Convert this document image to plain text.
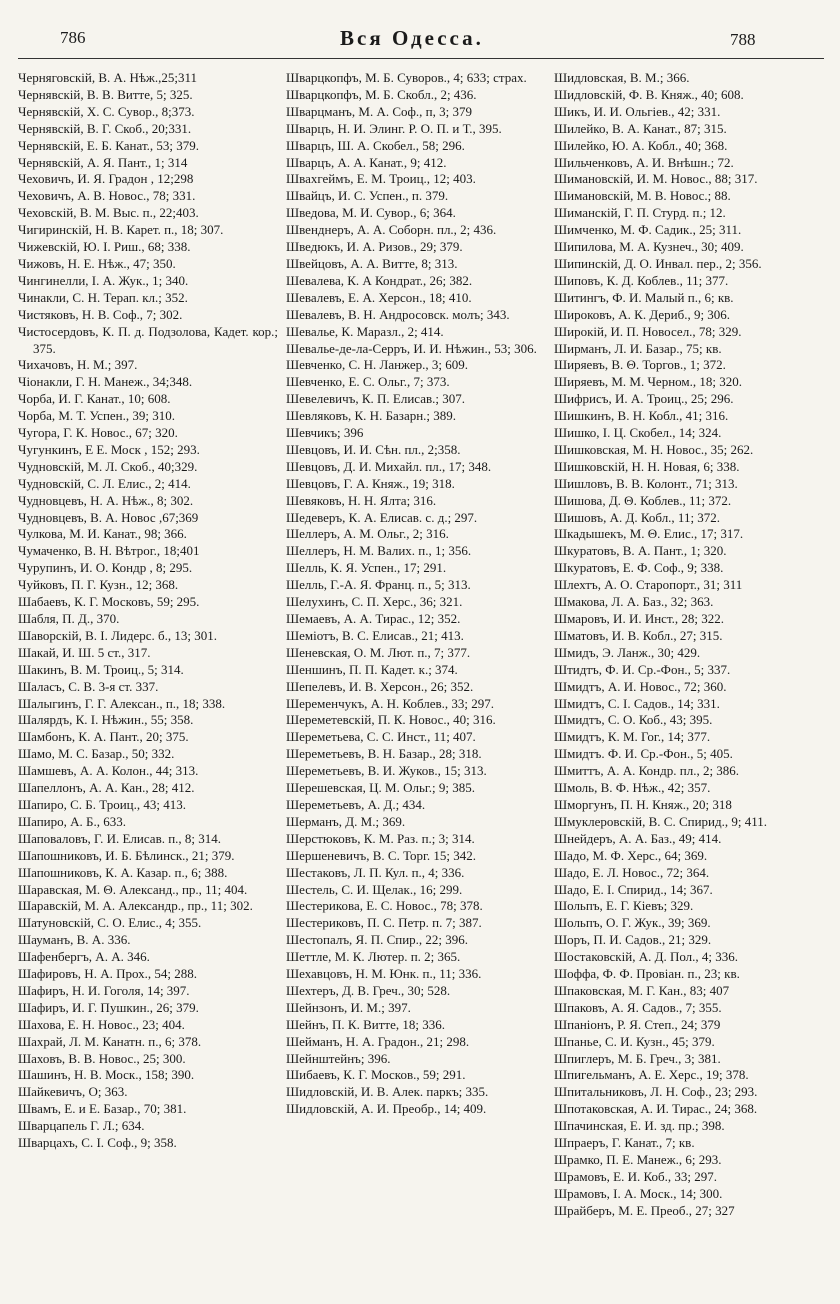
786	Вся Одесса.	788
Черняговскій, В. А. Нѣж.,25;311
Чернявскій, В. В. Витте, 5; 325.
Чернявскій, Х. С. Сувор., 8;373.
Чернявскій, В. Г. Скоб., 20;331.
Чернявскій, Е. Б. Канат., 53; 379.
Чернявскій, А. Я. Пант., 1; 314
Чеховичъ, И. Я. Градон , 12;298
Чеховичъ, А. В. Новос., 78; 331.
Чеховскій, В. М. Выс. п., 22;403.
Чигиринскій, Н. В. Карет. п., 18; 307.
Чижевскій, Ю. І. Риш., 68; 338.
Чижовъ, Н. Е. Нѣж., 47; 350.
Чингинелли, І. А. Жук., 1; 340.
Чинакли, С. Н. Терап. кл.; 352.
Чистяковъ, Н. В. Соф., 7; 302.
Чистосердовъ, К. П. д. Подзолова, Кадет. кор.; 375.
Чихачовъ, Н. М.; 397.
Чіонакли, Г. Н. Манеж., 34;348.
Чорба, И. Г. Канат., 10; 608.
Чорба, М. Т. Успен., 39; 310.
Чугора, Г. К. Новос., 67; 320.
Чугункинъ, Е Е. Моск , 152; 293.
Чудновскій, М. Л. Скоб., 40;329.
Чудновскій, С. Л. Елис., 2; 414.
Чудновцевъ, Н. А. Нѣж., 8; 302.
Чудновцевъ, В. А. Новос ,67;369
Чулкова, М. И. Канат., 98; 366.
Чумаченко, В. Н. Вѣтрог., 18;401
Чурупинъ, И. О. Кондр , 8; 295.
Чуйковъ, П. Г. Кузн., 12; 368.
Шабаевъ, К. Г. Московъ, 59; 295.
Шабля, П. Д., 370.
Шаворскій, В. І. Лидерс. б., 13; 301.
Шакай, И. Ш. 5 ст., 317.
Шакинъ, В. М. Троиц., 5; 314.
Шаласъ, С. В. 3-я ст. 337.
Шалыгинъ, Г. Г. Алексан., п., 18; 338.
Шалярдъ, К. І. Нѣжин., 55; 358.
Шамбонъ, К. А. Пант., 20; 375.
Шамо, М. С. Базар., 50; 332.
Шамшевъ, А. А. Колон., 44; 313.
Шапеллонъ, А. А. Кан., 28; 412.
Шапиро, С. Б. Троиц., 43; 413.
Шапиро, А. Б., 633.
Шаповаловъ, Г. И. Елисав. п., 8; 314.
Шапошниковъ, И. Б. Бѣлинск., 21; 379.
Шапошниковъ, К. А. Казар. п., 6; 388.
Шаравская, М. Θ. Александ., пр., 11; 404.
Шаравскій, М. А. Александр., пр., 11; 302.
Шатуновскій, С. О. Елис., 4; 355.
Шауманъ, В. А. 336.
Шафенбергъ, А. А. 346.
Шафировъ, Н. А. Прох., 54; 288.
Шафиръ, Н. И. Гоголя, 14; 397.
Шафиръ, И. Г. Пушкин., 26; 379.
Шахова, Е. Н. Новос., 23; 404.
Шахрай, Л. М. Канатн. п., 6; 378.
Шаховъ, В. В. Новос., 25; 300.
Шашинъ, Н. В. Моск., 158; 390.
Шайкевичъ, О; 363.
Швамъ, Е. и Е. Базар., 70; 381.
Шварцапель Г. Л.; 634.
Шварцахъ, С. І. Соф., 9; 358.
Шварцкопфъ, М. Б. Суворов., 4; 633; страх.
Шварцкопфъ, М. Б. Скобл., 2; 436.
Шварцманъ, М. А. Соф., п, 3; 379
Шварцъ, Н. И. Элинг. Р. О. П. и Т., 395.
Шварцъ, Ш. А. Скобел., 58; 296.
Шварцъ, А. А. Канат., 9; 412.
Швахгеймъ, Е. М. Троиц., 12; 403.
Швайцъ, И. С. Успен., п. 379.
Шведова, М. И. Сувор., 6; 364.
Швенднеръ, А. А. Соборн. пл., 2; 436.
Шведюкъ, И. А. Ризов., 29; 379.
Швейцовъ, А. А. Витте, 8; 313.
Шевалева, К. А Кондрат., 26; 382.
Шевалевъ, Е. А. Херсон., 18; 410.
Шевалевъ, В. Н. Андросовск. молъ; 343.
Шевалье, К. Маразл., 2; 414.
Шевалье-де-ла-Серръ, И. И. Нѣжин., 53; 306.
Шевченко, С. Н. Ланжер., 3; 609.
Шевченко, Е. С. Ольг., 7; 373.
Шевелевичъ, К. П. Елисав.; 307.
Шевляковъ, К. Н. Базарн.; 389.
Шевчикъ; 396
Шевцовъ, И. И. Сѣн. пл., 2;358.
Шевцовъ, Д. И. Михайл. пл., 17; 348.
Шевцовъ, Г. А. Княж., 19; 318.
Шевяковъ, Н. Н. Ялта; 316.
Шедеверъ, К. А. Елисав. с. д.; 297.
Шеллеръ, А. М. Ольг., 2; 316.
Шеллеръ, Н. М. Валих. п., 1; 356.
Шелль, К. Я. Успен., 17; 291.
Шелль, Г.-А. Я. Франц. п., 5; 313.
Шелухинъ, С. П. Херс., 36; 321.
Шемаевъ, А. А. Тирас., 12; 352.
Шеміотъ, В. С. Елисав., 21; 413.
Шеневская, О. М. Лют. п., 7; 377.
Шеншинъ, П. П. Кадет. к.; 374.
Шепелевъ, И. В. Херсон., 26; 352.
Шеременчукъ, А. Н. Коблев., 33; 297.
Шереметевскій, П. К. Новос., 40; 316.
Шереметьева, С. С. Инст., 11; 407.
Шереметьевъ, В. Н. Базар., 28; 318.
Шереметьевъ, В. И. Жуков., 15; 313.
Шерешевская, Ц. М. Ольг.; 9; 385.
Шереметьевъ, А. Д.; 434.
Шерманъ, Д. М.; 369.
Шерстюковъ, К. М. Раз. п.; 3; 314.
Шершеневичъ, В. С. Торг. 15; 342.
Шестаковъ, Л. П. Кул. п., 4; 336.
Шестель, С. И. Щелак., 16; 299.
Шестерикова, Е. С. Новос., 78; 378.
Шестериковъ, П. С. Петр. п. 7; 387.
Шестопалъ, Я. П. Спир., 22; 396.
Шеттле, М. К. Лютер. п. 2; 365.
Шехавцовъ, Н. М. Юнк. п., 11; 336.
Шехтеръ, Д. В. Греч., 30; 528.
Шейнзонъ, И. М.; 397.
Шейнъ, П. К. Витте, 18; 336.
Шейманъ, Н. А. Градон., 21; 298.
Шейнштейнъ; 396.
Шибаевъ, К. Г. Москов., 59; 291.
Шидловскій, И. В. Алек. паркъ; 335.
Шидловскій, А. И. Преобр., 14; 409.
Шидловская, В. М.; 366.
Шидловскій, Ф. В. Княж., 40; 608.
Шикъ, И. И. Ольгіев., 42; 331.
Шилейко, В. А. Канат., 87; 315.
Шилейко, Ю. А. Кобл., 40; 368.
Шильченковъ, А. И. Внѣшн.; 72.
Шимановскій, И. М. Новос., 88; 317.
Шимановскій, М. В. Новос.; 88.
Шиманскій, Г. П. Стурд. п.; 12.
Шимченко, М. Ф. Садик., 25; 311.
Шипилова, М. А. Кузнеч., 30; 409.
Шипинскій, Д. О. Инвал. пер., 2; 356.
Шиповъ, К. Д. Коблев., 11; 377.
Шитингъ, Ф. И. Малый п., 6; кв.
Широковъ, А. К. Дериб., 9; 306.
Широкій, И. П. Новосел., 78; 329.
Ширманъ, Л. И. Базар., 75; кв.
Ширяевъ, В. Θ. Торгов., 1; 372.
Ширяевъ, М. М. Черном., 18; 320.
Шифрисъ, И. А. Троиц., 25; 296.
Шишкинъ, В. Н. Кобл., 41; 316.
Шишко, І. Ц. Скобел., 14; 324.
Шишковская, М. Н. Новос., 35; 262.
Шишковскій, Н. Н. Новая, 6; 338.
Шишловъ, В. В. Колонт., 71; 313.
Шишова, Д. Θ. Коблев., 11; 372.
Шишовъ, А. Д. Кобл., 11; 372.
Шкадышекъ, М. Θ. Елис., 17; 317.
Шкуратовъ, В. А. Пант., 1; 320.
Шкуратовъ, Е. Ф. Соф., 9; 338.
Шлехтъ, А. О. Старопорт., 31; 311
Шмакова, Л. А. Баз., 32; 363.
Шмаровъ, И. И. Инст., 28; 322.
Шматовъ, И. В. Кобл., 27; 315.
Шмидъ, Э. Ланж., 30; 429.
Штидтъ, Ф. И. Ср.-Фон., 5; 337.
Шмидтъ, А. И. Новос., 72; 360.
Шмидтъ, С. І. Садов., 14; 331.
Шмидтъ, С. О. Коб., 43; 395.
Шмидтъ, К. М. Гог., 14; 377.
Шмидтъ. Ф. И. Ср.-Фон., 5; 405.
Шмиттъ, А. А. Кондр. пл., 2; 386.
Шмоль, В. Ф. Нѣж., 42; 357.
Шморгунъ, П. Н. Княж., 20; 318
Шмуклеровскій, В. С. Спирид., 9; 411.
Шнейдеръ, А. А. Баз., 49; 414.
Шадо, М. Ф. Херс., 64; 369.
Шадо, Е. Л. Новос., 72; 364.
Шадо, Е. І. Спирид., 14; 367.
Шольпъ, Е. Г. Кіевъ; 329.
Шольпъ, О. Г. Жук., 39; 369.
Шоръ, П. И. Садов., 21; 329.
Шостаковскій, А. Д. Пол., 4; 336.
Шоффа, Ф. Ф. Провіан. п., 23; кв.
Шпаковская, М. Г. Кан., 83; 407
Шпаковъ, А. Я. Садов., 7; 355.
Шпаніонъ, Р. Я. Степ., 24; 379
Шпанье, С. И. Кузн., 45; 379.
Шпиглеръ, М. Б. Греч., 3; 381.
Шпигельманъ, А. Е. Херс., 19; 378.
Шпитальниковъ, Л. Н. Соф., 23; 293.
Шпотаковская, А. И. Тирас., 24; 368.
Шпачинская, Е. И. зд. пр.; 398.
Шпраеръ, Г. Канат., 7; кв.
Шрамко, П. Е. Манеж., 6; 293.
Шрамовъ, Е. И. Коб., 33; 297.
Шрамовъ, І. А. Моск., 14; 300.
Шрайберъ, М. Е. Преоб., 27; 327
